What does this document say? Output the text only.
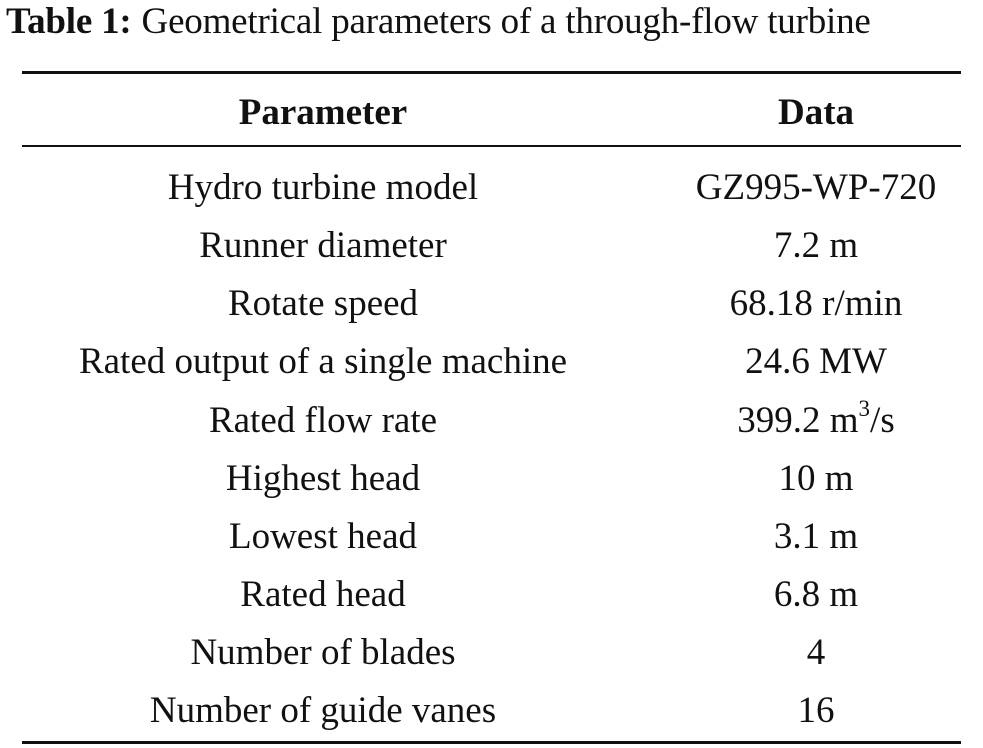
Table 1: Geometrical parameters of a through-flow turbine
Parameter	Data
Hydro turbine model	GZ995-WP-720
Runner diameter	7.2 m
Rotate speed	68.18 r/min
Rated output of a single machine	24.6 MW
Rated flow rate	399.2 $m^3/s$
Highest head	10 m
Lowest head	3.1 m
Rated head	6.8 m
Number of blades	4
Number of guide vanes	16
